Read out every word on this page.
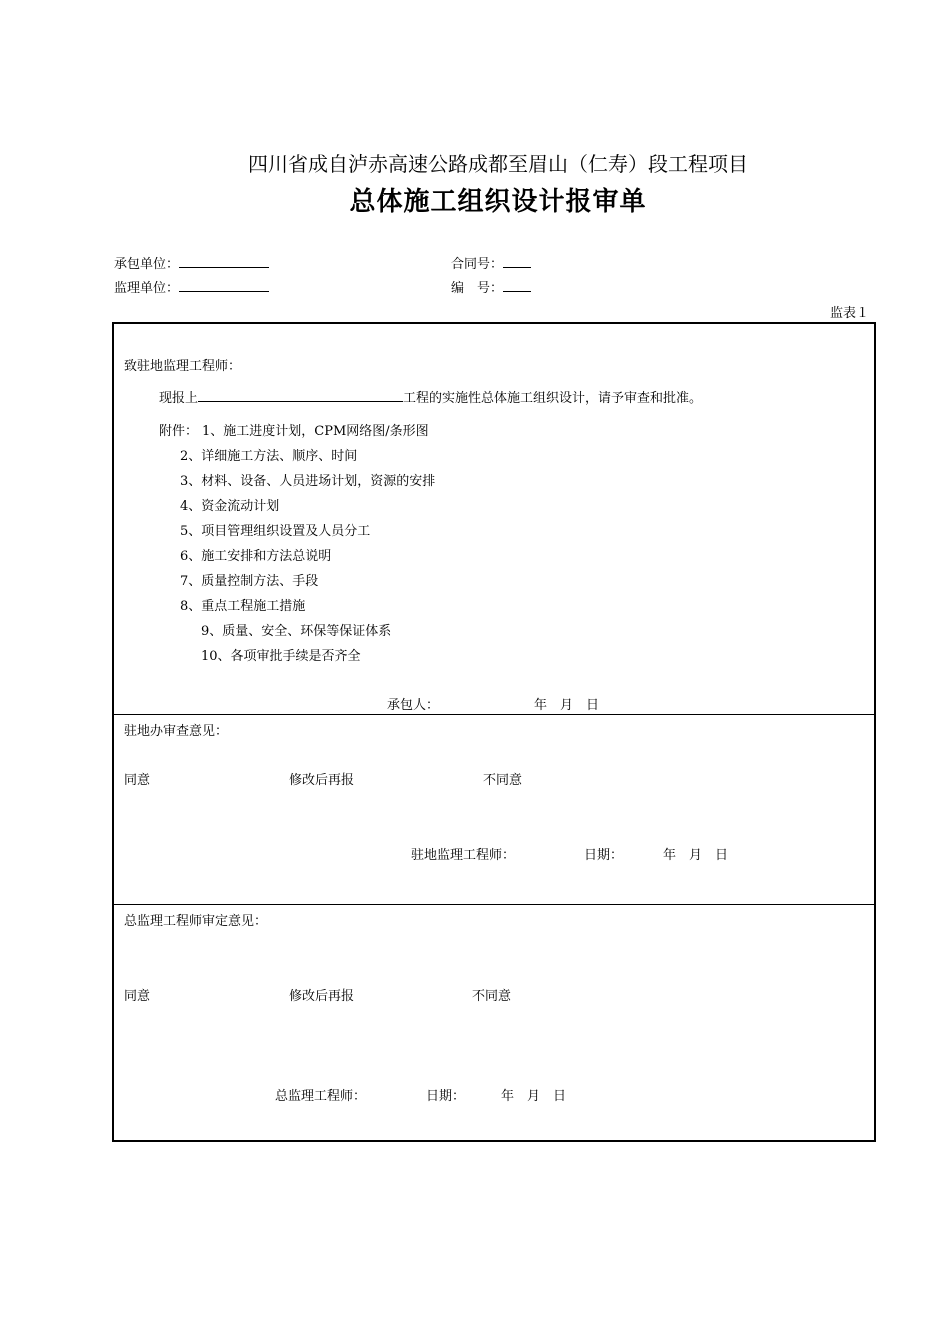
四川省成自泸赤高速公路成都至眉山（仁寿）段工程项目
总体施工组织设计报审单
承包单位：	合同号：
监理单位：	编　号：
监表１
致驻地监理工程师：
现报上	工程的实施性总体施工组织设计，请予审查和批准。
附件： 1、施工进度计划，CPM网络图/条形图
2、详细施工方法、顺序、时间
3、材料、设备、人员进场计划，资源的安排
4、资金流动计划
5、项目管理组织设置及人员分工
6、施工安排和方法总说明
7、质量控制方法、手段
8、重点工程施工措施
9、质量、安全、环保等保证体系
10、各项审批手续是否齐全
承包人：	年　月　日
驻地办审查意见：
同意	修改后再报	不同意
驻地监理工程师：	日期：	年　月　日
总监理工程师审定意见：
同意	修改后再报	不同意
总监理工程师：	日期：	年　月　日
